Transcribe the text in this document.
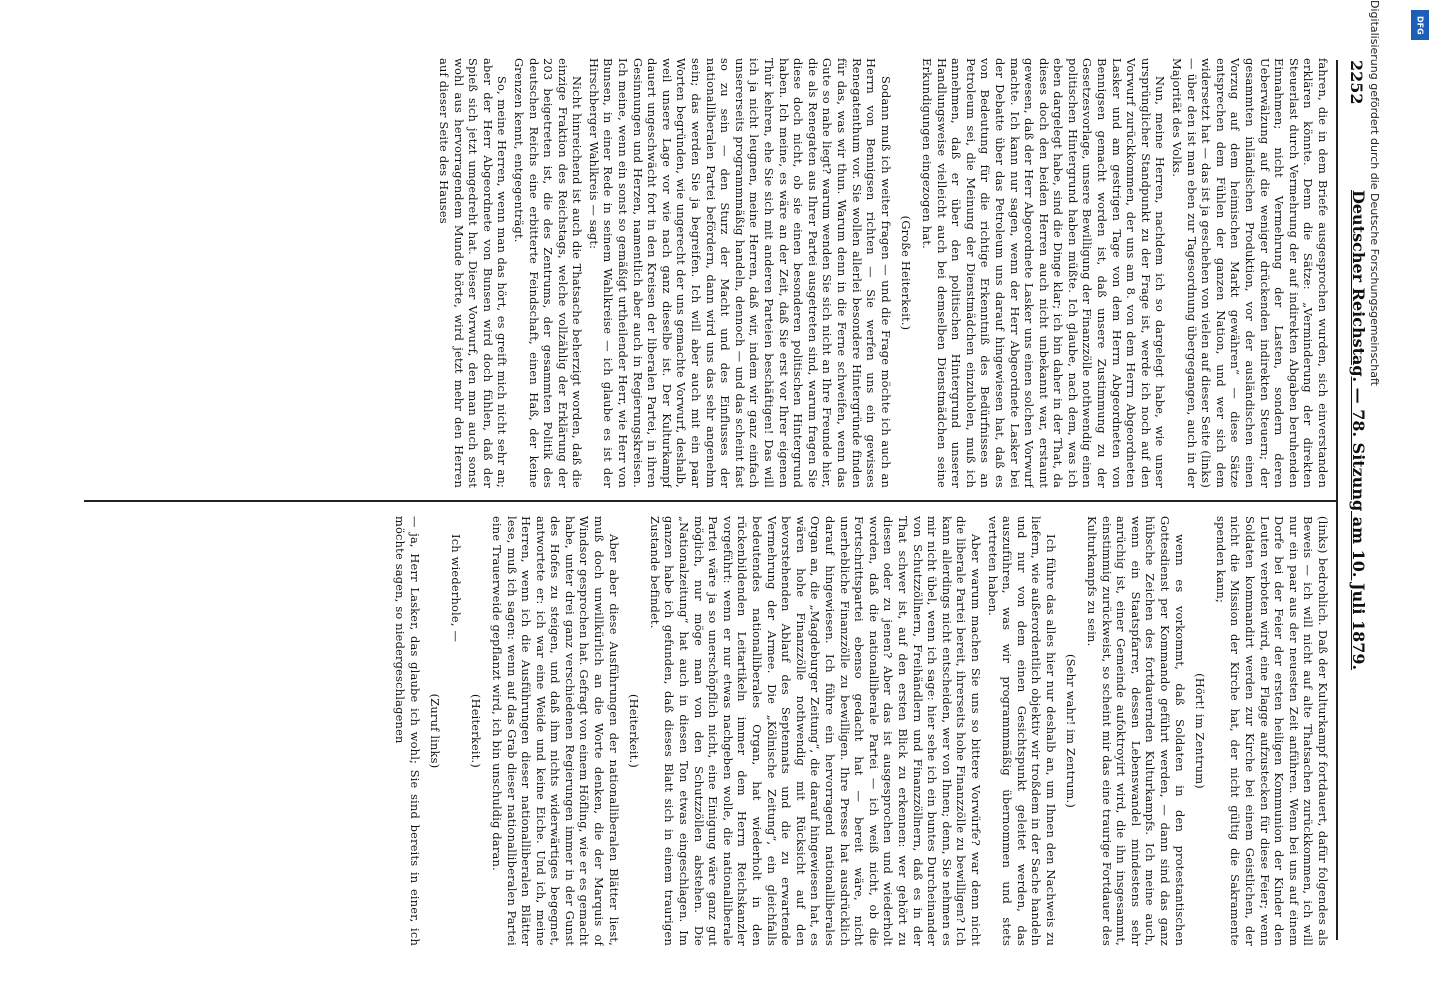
2252
Deutscher Reichstag. — 78. Sitzung am 10. Juli 1879.

fahren, die in dem Briefe ausgesprochen wurden, sich einverstanden erklären könnte. Denn die Sätze: „Verminderung der direkten Steuerlast durch Vermehrung der auf indirekten Abgaben beruhenden Einnahmen; nicht Vermehrung der Lasten, sondern deren Ueberwälzung auf die weniger drückenden indirekten Steuern; der gesammten inländischen Produktion, vor der ausländischen einen Vorzug auf dem heimischen Markt gewähren“ — diese Sätze entsprechen dem Fühlen der ganzen Nation, und wer sich dem widersetzt hat — das ist ja geschehen von vielen auf dieser Seite (links) — über den ist man eben zur Tagesordnung übergegangen, auch in der Majorität des Volks.

Nun, meine Herren, nachdem ich so dargelegt habe, wie unser ursprünglicher Standpunkt zu der Frage ist, werde ich noch auf den Vorwurf zurückkommen, der uns am 8. von dem Herrn Abgeordneten Lasker und am gestrigen Tage von dem Herrn Abgeordneten von Bennigsen gemacht worden ist, daß unsere Zustimmung zu der Gesetzesvorlage, unsere Bewilligung der Finanzzölle nothwendig einen politischen Hintergrund haben müßte. Ich glaube, nach dem, was ich eben dargelegt habe, sind die Dinge klar; ich bin daher in der That, da dieses doch den beiden Herren auch nicht unbekannt war, erstaunt gewesen, daß der Herr Abgeordnete Lasker uns einen solchen Vorwurf machte. Ich kann nur sagen, wenn der Herr Abgeordnete Lasker bei der Debatte über das Petroleum uns darauf hingewiesen hat, daß es von Bedeutung für die richtige Erkenntniß des Bedürfnisses an Petroleum sei, die Meinung der Dienstmädchen einzuholen, muß ich annehmen, daß er über den politischen Hintergrund unserer Handlungsweise vielleicht auch bei demselben Dienstmädchen seine Erkundigungen eingezogen hat.

(Große Heiterkeit.)

Sodann muß ich weiter fragen — und die Frage möchte ich auch an Herrn von Bennigsen richten — Sie werfen uns ein gewisses Renegatenthum vor. Sie wollen allerlei besondere Hintergründe finden für das, was wir thun. Warum denn in die Ferne schweifen, wenn das Gute so nahe liegt? warum wenden Sie sich nicht an Ihre Freunde hier, die als Renegaten aus Ihrer Partei ausgetreten sind, warum fragen Sie diese doch nicht, ob sie einen besonderen politischen Hintergrund haben. Ich meine, es wäre an der Zeit, daß Sie erst vor Ihrer eigenen Thür kehren, ehe Sie sich mit anderen Parteien beschäftigen! Das will ich ja nicht leugnen, meine Herren, daß wir, indem wir ganz einfach unsererseits programmmäßig handeln, dennoch — und das scheint fast so zu sein — den Sturz der Macht und des Einflusses der nationalliberalen Partei befördern, dann wird uns das sehr angenehm sein; das werden Sie ja begreifen. Ich will aber auch mit ein paar Worten begründen, wie ungerecht der uns gemachte Vorwurf, deshalb, weil unsere Lage vor wie nach ganz dieselbe ist. Der Kulturkampf dauert ungeschwächt fort in den Kreisen der liberalen Partei, in ihren Gesinnungen und Herzen, namentlich aber auch in Regierungskreisen. Ich meine, wenn ein sonst so gemäßigt urtheilender Herr, wie Herr von Bunsen, in einer Rede in seinem Wahlkreise — ich glaube es ist der Hirschberger Wahlkreis — sagt:

Nicht hinreichend ist auch die Thatsache beherzigt worden, daß die einzige Fraktion des Reichstags, welche vollzählig der Erklärung der 203 beigetreten ist, die des Zentrums, der gesammten Politik des deutschen Reichs eine erbitterte Feindschaft, einen Haß, der keine Grenzen kennt, entgegenträgt.

So, meine Herren, wenn man das hört, es greift mich nicht sehr an; aber der Herr Abgeordnete von Bunsen wird doch fühlen, daß der Spieß sich jetzt umgedreht hat. Dieser Vorwurf, den man auch sonst wohl aus hervorragendem Munde hörte, wird jetzt mehr den Herren auf dieser Seite des Hauses

(links) bedrohlich. Daß der Kulturkampf fortdauert, dafür folgendes als Beweis — ich will nicht auf alte Thatsachen zurückkommen, ich will nur ein paar aus der neuesten Zeit anführen. Wenn bei uns auf einem Dorfe bei der Feier der ersten heiligen Kommunion der Kinder den Leuten verboten wird, eine Flagge aufzustecken für diese Feier; wenn Soldaten kommandirt werden zur Kirche bei einem Geistlichen, der nicht die Mission der Kirche hat, der nicht gültig die Sakramente spenden kann;

(Hört! im Zentrum)

wenn es vorkommt, daß Soldaten in den protestantischen Gottesdienst per Kommando geführt werden, — dann sind das ganz hübsche Zeichen des fortdauernden Kulturkampfs. Ich meine auch, wenn ein Staatspfarrer, dessen Lebenswandel mindestens sehr anrüchig ist, einer Gemeinde aufoktroyirt wird, die ihn insgesammt, einstimmig zurückweist, so scheint mir das eine traurige Fortdauer des Kulturkampfs zu sein.

(Sehr wahr! im Zentrum.)

Ich führe das alles hier nur deshalb an, um Ihnen den Nachweis zu liefern, wie außerordentlich objektiv wir troßdem in der Sache handeln und nur von dem einen Gesichtspunkt geleitet werden, das auszuführen, was wir programmmäßig übernommen und stets vertreten haben.

Aber warum machen Sie uns so bittere Vorwürfe? war denn nicht die liberale Partei bereit, ihrerseits hohe Finanzzölle zu bewilligen? Ich kann allerdings nicht entscheiden, wer von Ihnen; denn, Sie nehmen es mir nicht übel, wenn ich sage: hier sehe ich ein buntes Durcheinander von Schutzzöllnern, Freihändlern und Finanzzöllnern, daß es in der That schwer ist, auf den ersten Blick zu erkennen: wer gehört zu diesen oder zu jenen? Aber das ist ausgesprochen und wiederholt worden, daß die nationalliberale Partei — ich weiß nicht, ob die Fortschrittspartei ebenso gedacht hat — bereit wäre, nicht unerhebliche Finanzzölle zu bewilligen. Ihre Presse hat ausdrücklich darauf hingewiesen. Ich führe ein hervorragend nationalliberales Organ an, die „Magdeburger Zeitung“, die darauf hingewiesen hat, es wären hohe Finanzzölle nothwendig mit Rücksicht auf den bevorstehenden Ablauf des Septennats und die zu erwartende Vermehrung der Armee. Die „Kölnische Zeitung“, ein gleichfalls bedeutendes nationalliberales Organ, hat wiederholt in den rückenbildenden Leitartikeln immer dem Herrn Reichskanzler vorgeführt: wenn er nur etwas nachgeben wolle, die nationalliberale Partei wäre ja so unerschöpflich nicht, eine Einigung wäre ganz gut möglich, nur möge man von den Schutzzöllen abstehen. Die „Nationalzeitung“ hat auch in diesen Ton etwas eingeschlagen. Im ganzen habe ich gefunden, daß dieses Blatt sich in einem traurigen Zustande befindet.

(Heiterkeit.)

Aber aber diese Ausführungen der nationalliberalen Blätter liest, muß doch unwillkürlich an die Worte denken, die der Marquis of Windsor gesprochen hat. Gefragt von einem Höfling, wie er es gemacht habe, unter drei ganz verschiedenen Regierungen immer in der Gunst des Hofes zu steigen, und daß ihm nichts widerwärtiges begegnet, antwortete er: ich war eine Weide und keine Eiche. Und ich, meine Herren, wenn ich die Ausführungen dieser nationalliberalen Blätter lese, muß ich sagen: wenn auf das Grab dieser nationalliberalen Partei eine Trauerweide gepflanzt wird, ich bin unschuldig daran.

(Heiterkeit.)

Ich wiederhole, —

(Zuruf links)

— ja, Herr Lasker, das glaube ich wohl; Sie sind bereits in einer, ich möchte sagen, so niedergeschlagenen

Digitalisierung gefördert durch die Deutsche Forschungsgemeinschaft	DFG
